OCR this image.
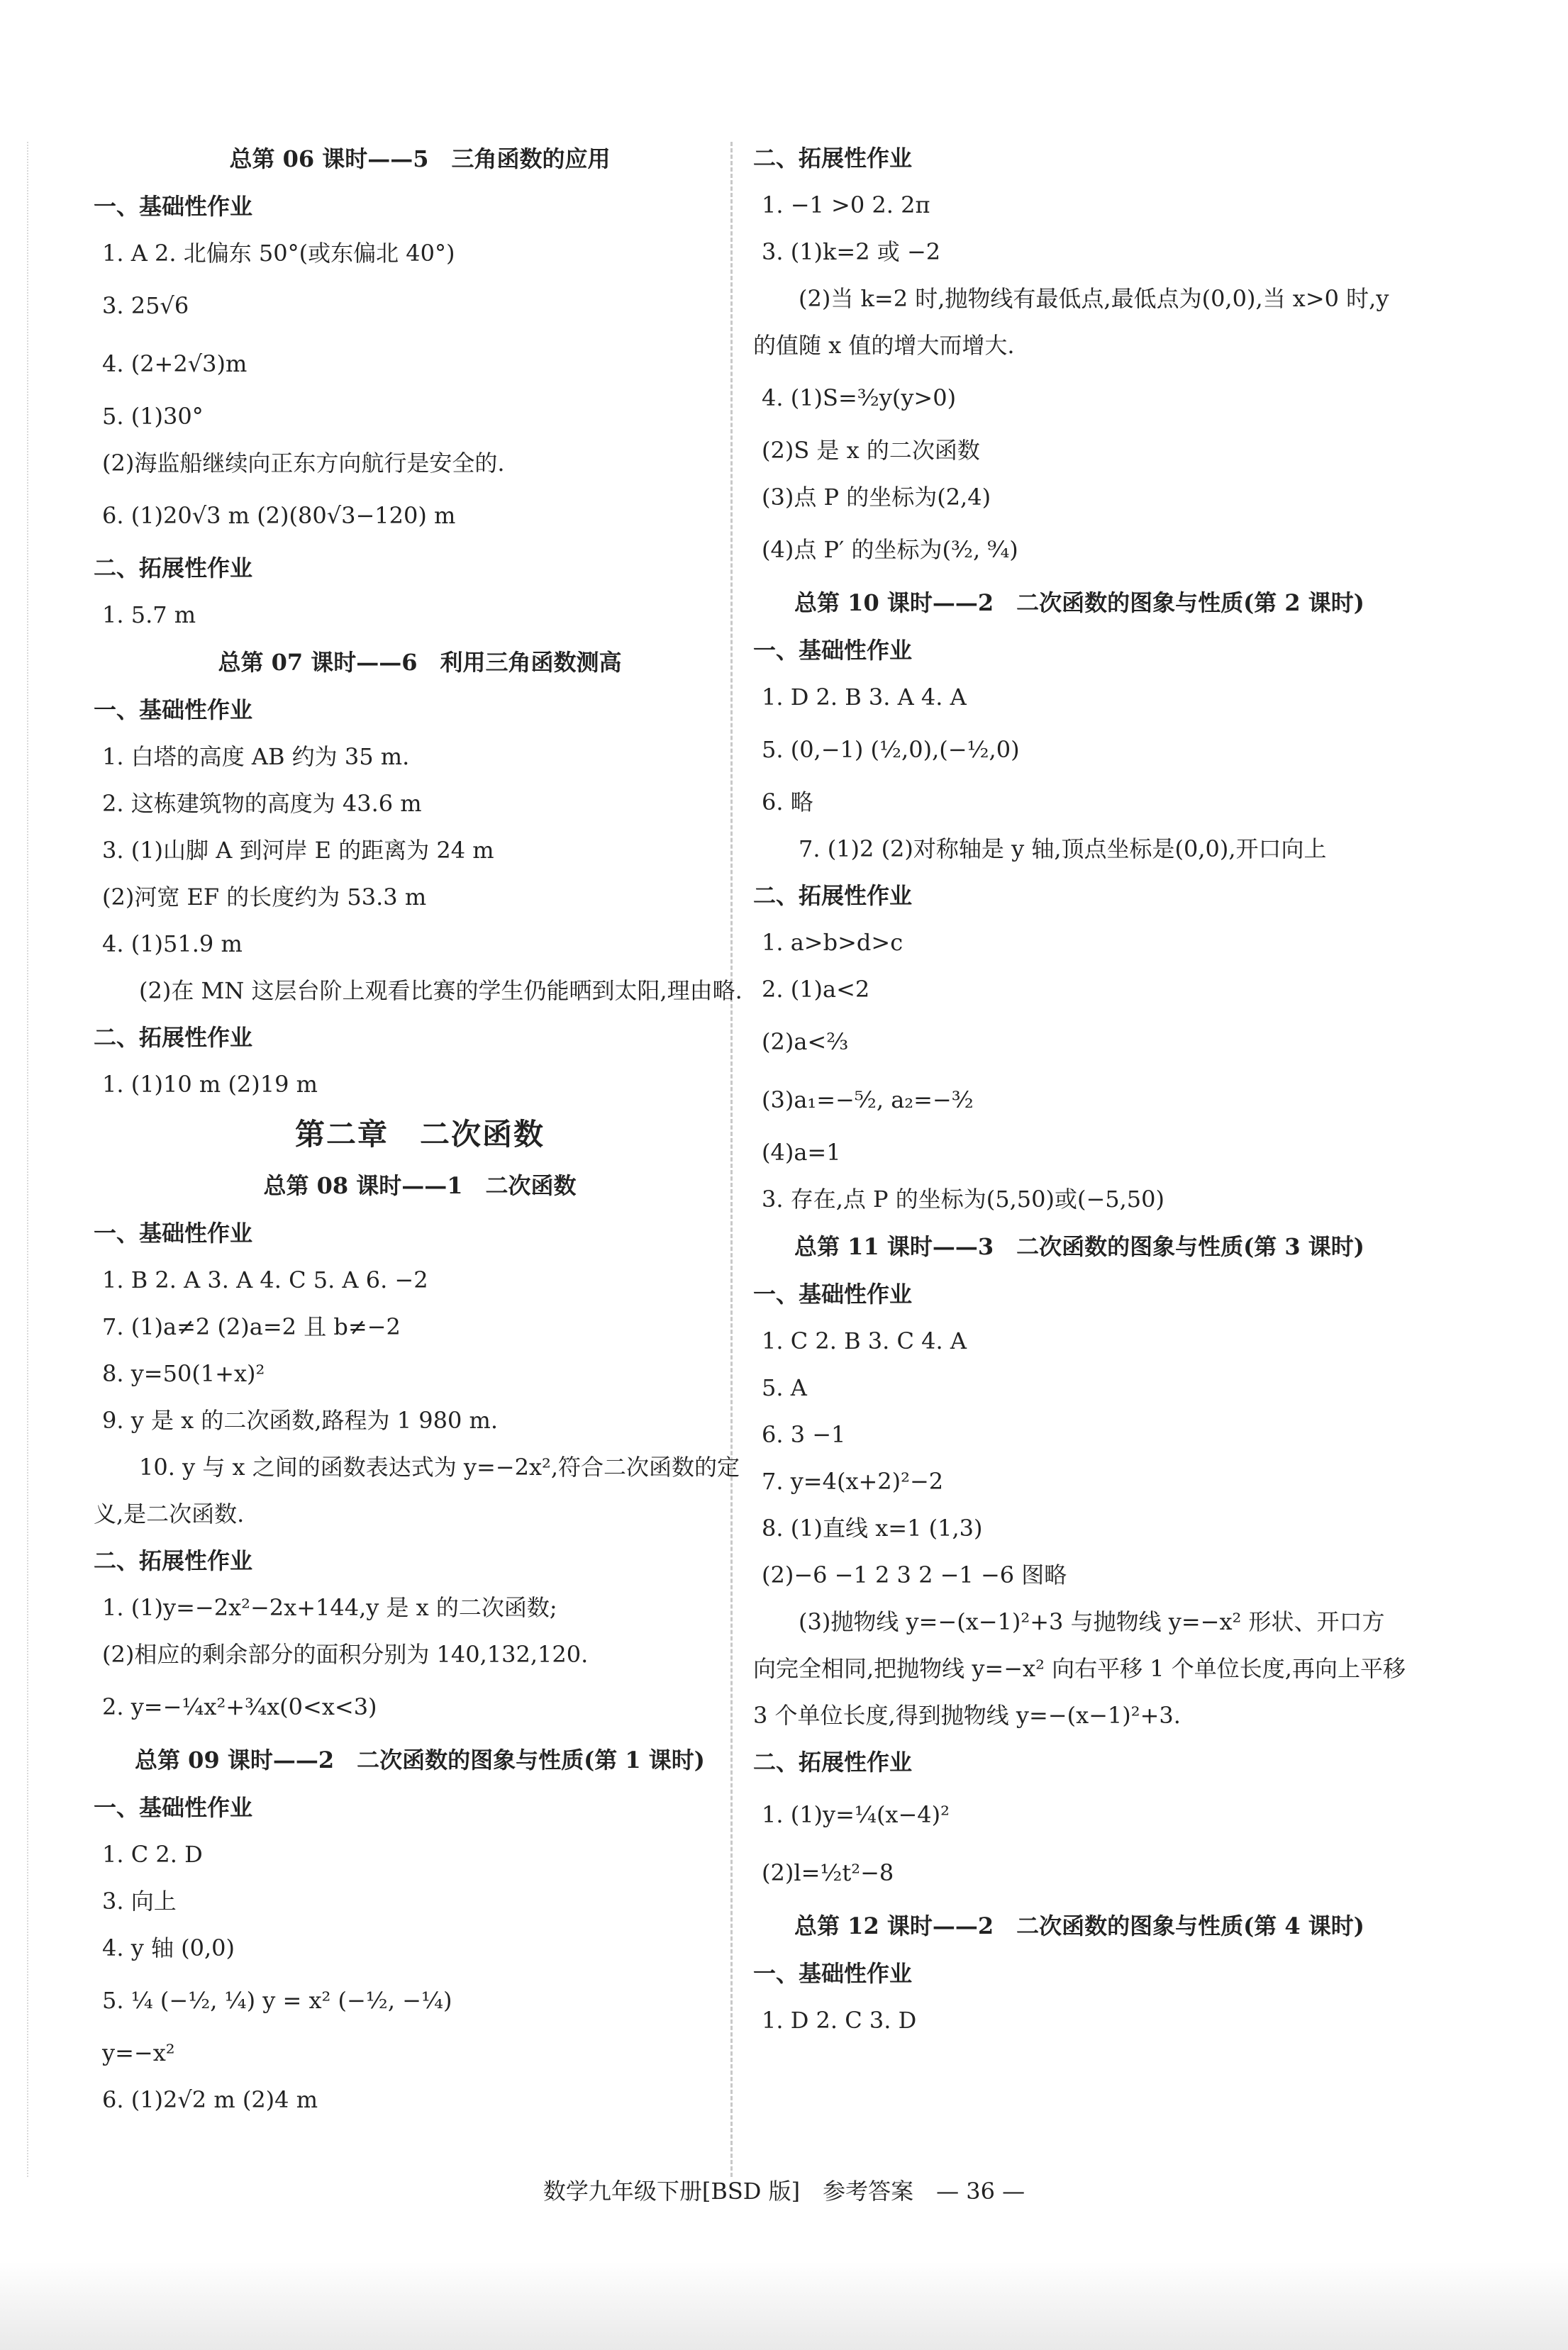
总第 06 课时——5　三角函数的应用
一、基础性作业
1. A 2. 北偏东 50°(或东偏北 40°)
3. 25√6
4. (2+2√3)m
5. (1)30°
(2)海监船继续向正东方向航行是安全的.
6. (1)20√3 m (2)(80√3−120) m
二、拓展性作业
1. 5.7 m
总第 07 课时——6　利用三角函数测高
一、基础性作业
1. 白塔的高度 AB 约为 35 m.
2. 这栋建筑物的高度为 43.6 m
3. (1)山脚 A 到河岸 E 的距离为 24 m
(2)河宽 EF 的长度约为 53.3 m
4. (1)51.9 m
(2)在 MN 这层台阶上观看比赛的学生仍能晒到太阳,理由略.
二、拓展性作业
1. (1)10 m (2)19 m
第二章　二次函数
总第 08 课时——1　二次函数
一、基础性作业
1. B 2. A 3. A 4. C 5. A 6. −2
7. (1)a≠2 (2)a=2 且 b≠−2
8. y=50(1+x)²
9. y 是 x 的二次函数,路程为 1 980 m.
10. y 与 x 之间的函数表达式为 y=−2x²,符合二次函数的定义,是二次函数.
二、拓展性作业
1. (1)y=−2x²−2x+144,y 是 x 的二次函数;
(2)相应的剩余部分的面积分别为 140,132,120.
2. y=−¼x²+¾x(0<x<3)
总第 09 课时——2　二次函数的图象与性质(第 1 课时)
一、基础性作业
1. C 2. D
3. 向上
4. y 轴 (0,0)
5. ¼ (−½, ¼) y = x² (−½, −¼)
y=−x²
6. (1)2√2 m (2)4 m
二、拓展性作业
1. −1 >0 2. 2π
3. (1)k=2 或 −2
(2)当 k=2 时,抛物线有最低点,最低点为(0,0),当 x>0 时,y 的值随 x 值的增大而增大.
4. (1)S=³⁄₂y(y>0)
(2)S 是 x 的二次函数
(3)点 P 的坐标为(2,4)
(4)点 P′ 的坐标为(³⁄₂, ⁹⁄₄)
总第 10 课时——2　二次函数的图象与性质(第 2 课时)
一、基础性作业
1. D 2. B 3. A 4. A
5. (0,−1) (½,0),(−½,0)
6. 略
7. (1)2 (2)对称轴是 y 轴,顶点坐标是(0,0),开口向上
二、拓展性作业
1. a>b>d>c
2. (1)a<2
(2)a<⅔
(3)a₁=−⁵⁄₂, a₂=−³⁄₂
(4)a=1
3. 存在,点 P 的坐标为(5,50)或(−5,50)
总第 11 课时——3　二次函数的图象与性质(第 3 课时)
一、基础性作业
1. C 2. B 3. C 4. A
5. A
6. 3 −1
7. y=4(x+2)²−2
8. (1)直线 x=1 (1,3)
(2)−6 −1 2 3 2 −1 −6 图略
(3)抛物线 y=−(x−1)²+3 与抛物线 y=−x² 形状、开口方向完全相同,把抛物线 y=−x² 向右平移 1 个单位长度,再向上平移 3 个单位长度,得到抛物线 y=−(x−1)²+3.
二、拓展性作业
1. (1)y=¼(x−4)²
(2)l=½t²−8
总第 12 课时——2　二次函数的图象与性质(第 4 课时)
一、基础性作业
1. D 2. C 3. D
数学九年级下册[BSD 版]　参考答案　— 36 —
